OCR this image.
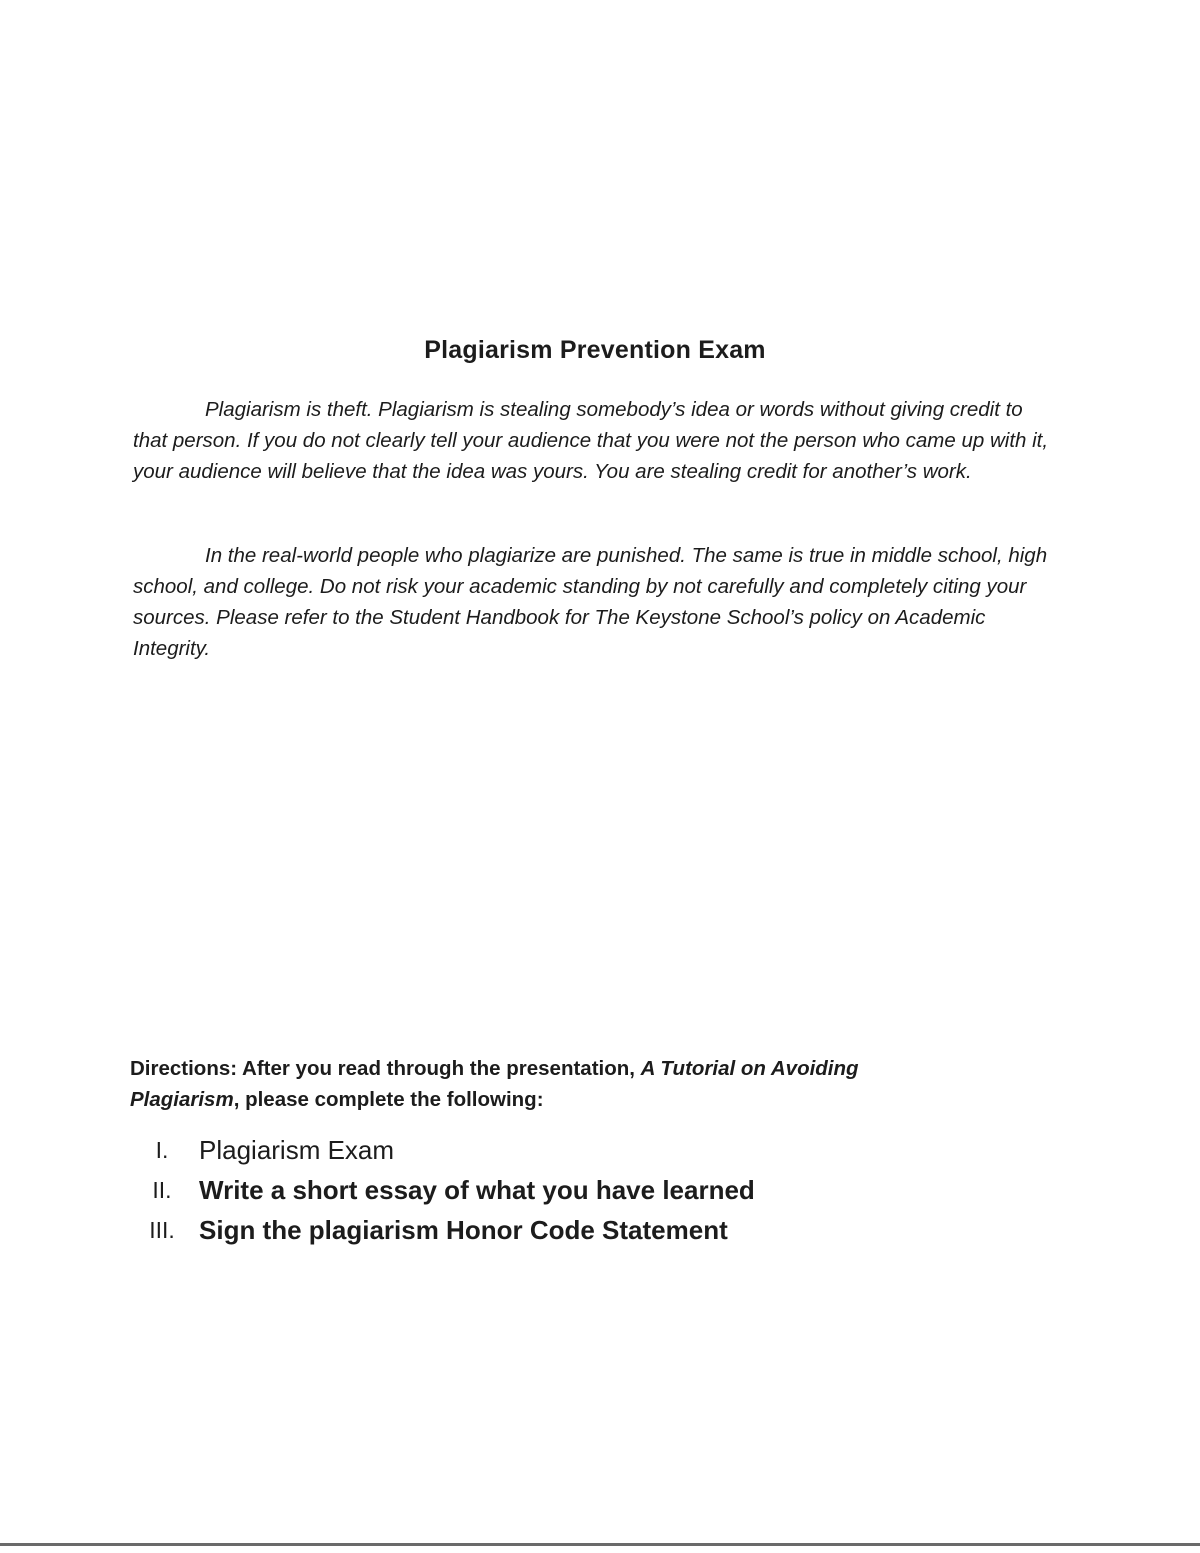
Plagiarism Prevention Exam

Plagiarism is theft. Plagiarism is stealing somebody’s idea or words without giving credit to that person. If you do not clearly tell your audience that you were not the person who came up with it, your audience will believe that the idea was yours. You are stealing credit for another’s work.

In the real-world people who plagiarize are punished. The same is true in middle school, high school, and college. Do not risk your academic standing by not carefully and completely citing your sources. Please refer to the Student Handbook for The Keystone School’s policy on Academic Integrity.

Directions: After you read through the presentation, A Tutorial on Avoiding Plagiarism, please complete the following:

I.	Plagiarism Exam
II.	Write a short essay of what you have learned
III. Sign the plagiarism Honor Code Statement
